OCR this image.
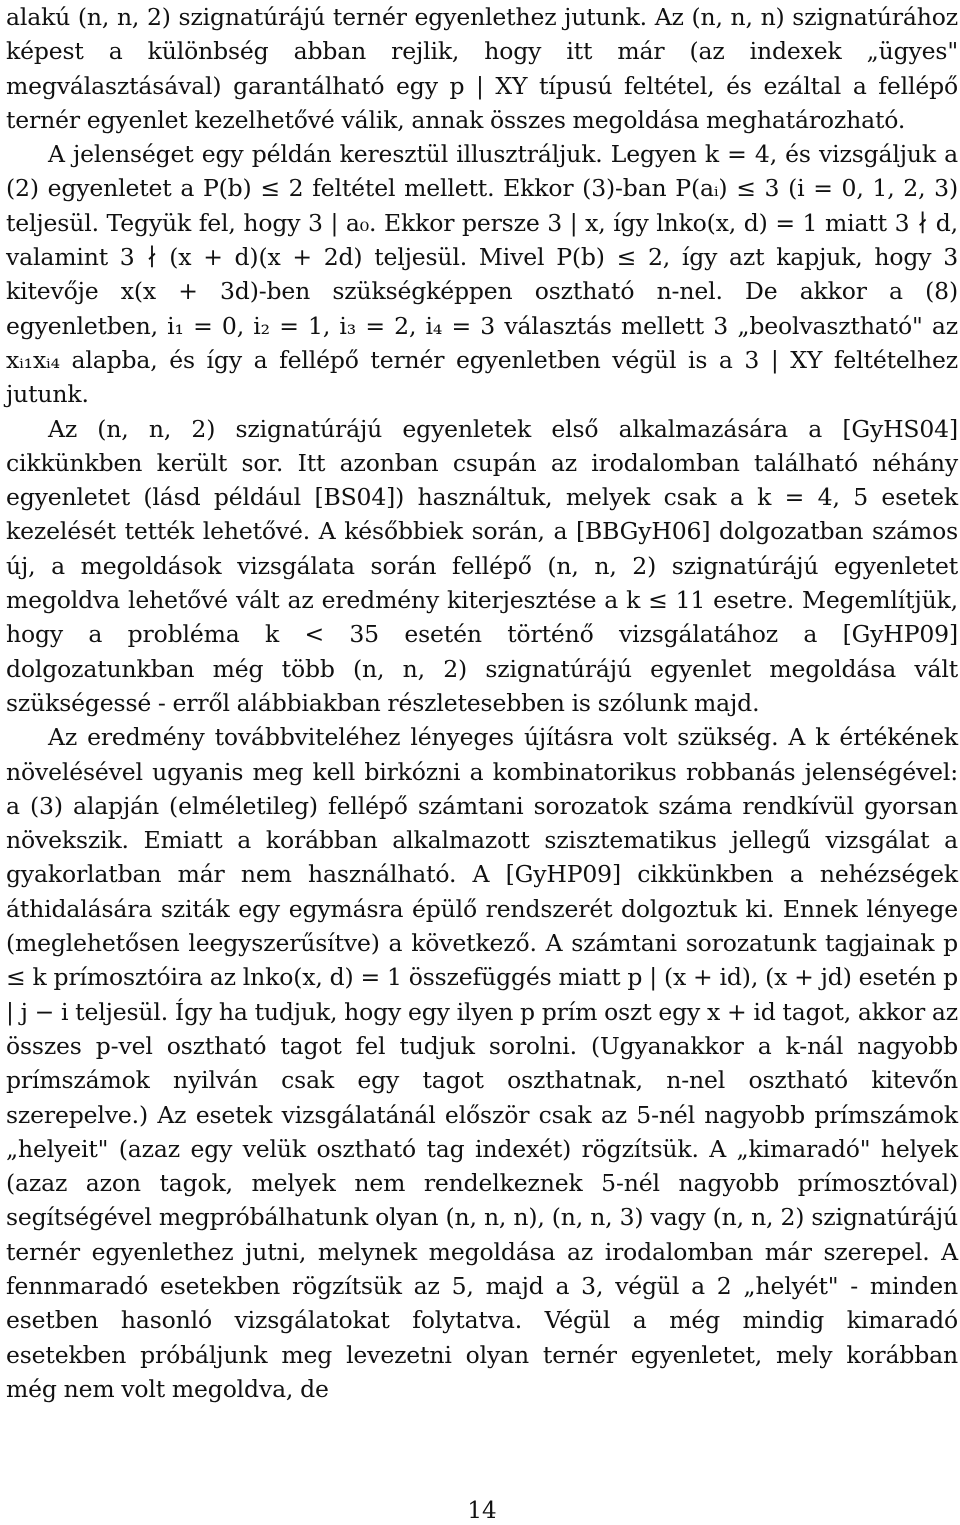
alakú (n, n, 2) szignatúrájú ternér egyenlethez jutunk. Az (n, n, n) szignatúrához képest a különbség abban rejlik, hogy itt már (az indexek „ügyes" megválasztásával) garantálható egy p | XY típusú feltétel, és ezáltal a fellépő ternér egyenlet kezelhetővé válik, annak összes megoldása meghatározható.

A jelenséget egy példán keresztül illusztráljuk. Legyen k = 4, és vizsgáljuk a (2) egyenletet a P(b) ≤ 2 feltétel mellett. Ekkor (3)-ban P(aᵢ) ≤ 3 (i = 0, 1, 2, 3) teljesül. Tegyük fel, hogy 3 | a₀. Ekkor persze 3 | x, így lnko(x, d) = 1 miatt 3 ∤ d, valamint 3 ∤ (x + d)(x + 2d) teljesül. Mivel P(b) ≤ 2, így azt kapjuk, hogy 3 kitevője x(x + 3d)-ben szükségképpen osztható n-nel. De akkor a (8) egyenletben, i₁ = 0, i₂ = 1, i₃ = 2, i₄ = 3 választás mellett 3 „beolvasztható" az xᵢ₁xᵢ₄ alapba, és így a fellépő ternér egyenletben végül is a 3 | XY feltételhez jutunk.

Az (n, n, 2) szignatúrájú egyenletek első alkalmazására a [GyHS04] cikkünkben került sor. Itt azonban csupán az irodalomban található néhány egyenletet (lásd például [BS04]) használtuk, melyek csak a k = 4, 5 esetek kezelését tették lehetővé. A későbbiek során, a [BBGyH06] dolgozatban számos új, a megoldások vizsgálata során fellépő (n, n, 2) szignatúrájú egyenletet megoldva lehetővé vált az eredmény kiterjesztése a k ≤ 11 esetre. Megemlítjük, hogy a probléma k < 35 esetén történő vizsgálatához a [GyHP09] dolgozatunkban még több (n, n, 2) szignatúrájú egyenlet megoldása vált szükségessé - erről alábbiakban részletesebben is szólunk majd.

Az eredmény továbbviteléhez lényeges újításra volt szükség. A k értékének növelésével ugyanis meg kell birkózni a kombinatorikus robbanás jelenségével: a (3) alapján (elméletileg) fellépő számtani sorozatok száma rendkívül gyorsan növekszik. Emiatt a korábban alkalmazott szisztematikus jellegű vizsgálat a gyakorlatban már nem használható. A [GyHP09] cikkünkben a nehézségek áthidalására sziták egy egymásra épülő rendszerét dolgoztuk ki. Ennek lényege (meglehetősen leegyszerűsítve) a következő. A számtani sorozatunk tagjainak p ≤ k prímosztóira az lnko(x, d) = 1 összefüggés miatt p | (x + id), (x + jd) esetén p | j − i teljesül. Így ha tudjuk, hogy egy ilyen p prím oszt egy x + id tagot, akkor az összes p-vel osztható tagot fel tudjuk sorolni. (Ugyanakkor a k-nál nagyobb prímszámok nyilván csak egy tagot oszthatnak, n-nel osztható kitevőn szerepelve.) Az esetek vizsgálatánál először csak az 5-nél nagyobb prímszámok „helyeit" (azaz egy velük osztható tag indexét) rögzítsük. A „kimaradó" helyek (azaz azon tagok, melyek nem rendelkeznek 5-nél nagyobb prímosztóval) segítségével megpróbálhatunk olyan (n, n, n), (n, n, 3) vagy (n, n, 2) szignatúrájú ternér egyenlethez jutni, melynek megoldása az irodalomban már szerepel. A fennmaradó esetekben rögzítsük az 5, majd a 3, végül a 2 „helyét" - minden esetben hasonló vizsgálatokat folytatva. Végül a még mindig kimaradó esetekben próbáljunk meg levezetni olyan ternér egyenletet, mely korábban még nem volt megoldva, de

14
